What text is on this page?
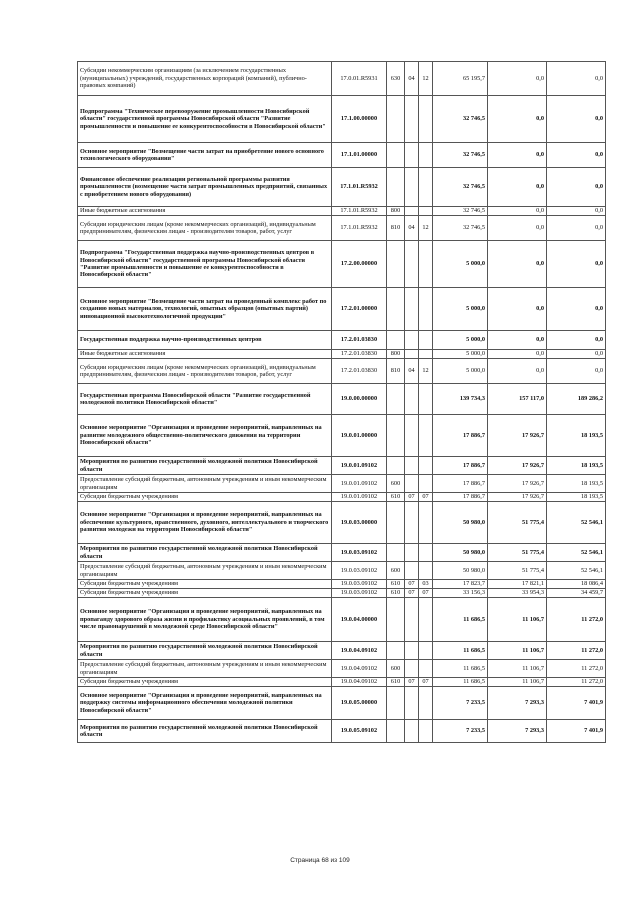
Субсидии некоммерческим организациям (за исключением государственных (муниципальных) учреждений, государственных корпораций (компаний), публично-правовых компаний)	17.0.01.R5931	630	04	12	65 195,7	0,0	0,0
Подпрограмма "Техническое перевооружение промышленности Новосибирской области" государственной программы Новосибирской области "Развитие промышленности и повышение ее конкурентоспособности в Новосибирской области"	17.1.00.00000				32 746,5	0,0	0,0
Основное мероприятие "Возмещение части затрат на приобретение нового основного технологического оборудования"	17.1.01.00000				32 746,5	0,0	0,0
Финансовое обеспечение реализации региональной программы развития промышленности (возмещение части затрат промышленных предприятий, связанных с приобретением нового оборудования)	17.1.01.R5932				32 746,5	0,0	0,0
Иные бюджетные ассигнования	17.1.01.R5932	800			32 746,5	0,0	0,0
Субсидии юридическим лицам (кроме некоммерческих организаций), индивидуальным предпринимателям, физическим лицам - производителям товаров, работ, услуг	17.1.01.R5932	810	04	12	32 746,5	0,0	0,0
Подпрограмма "Государственная поддержка научно-производственных центров в Новосибирской области" государственной программы Новосибирской области "Развитие промышленности и повышение ее конкурентоспособности в Новосибирской области"	17.2.00.00000				5 000,0	0,0	0,0
Основное мероприятие "Возмещение части затрат на проведенный комплекс работ по созданию новых материалов, технологий, опытных образцов (опытных партий) инновационной высокотехнологичной продукции"	17.2.01.00000				5 000,0	0,0	0,0
Государственная поддержка научно-производственных центров	17.2.01.03830				5 000,0	0,0	0,0
Иные бюджетные ассигнования	17.2.01.03830	800			5 000,0	0,0	0,0
Субсидии юридическим лицам (кроме некоммерческих организаций), индивидуальным предпринимателям, физическим лицам - производителям товаров, работ, услуг	17.2.01.03830	810	04	12	5 000,0	0,0	0,0
Государственная программа Новосибирской области "Развитие государственной молодежной политики Новосибирской области"	19.0.00.00000				139 734,3	157 117,0	189 286,2
Основное мероприятие "Организация и проведение мероприятий, направленных на развитие молодежного общественно-политического движения на территории Новосибирской области"	19.0.01.00000				17 886,7	17 926,7	18 193,5
Мероприятия по развитию государственной молодежной политики Новосибирской области	19.0.01.09102				17 886,7	17 926,7	18 193,5
Предоставление субсидий бюджетным, автономным учреждениям и иным некоммерческим организациям	19.0.01.09102	600			17 886,7	17 926,7	18 193,5
Субсидии бюджетным учреждениям	19.0.01.09102	610	07	07	17 886,7	17 926,7	18 193,5
Основное мероприятие "Организация и проведение мероприятий, направленных на обеспечение культурного, нравственного, духовного, интеллектуального и творческого развития молодежи на территории Новосибирской области"	19.0.03.00000				50 980,0	51 775,4	52 546,1
Мероприятия по развитию государственной молодежной политики Новосибирской области	19.0.03.09102				50 980,0	51 775,4	52 546,1
Предоставление субсидий бюджетным, автономным учреждениям и иным некоммерческим организациям	19.0.03.09102	600			50 980,0	51 775,4	52 546,1
Субсидии бюджетным учреждениям	19.0.03.09102	610	07	03	17 823,7	17 821,1	18 086,4
Субсидии бюджетным учреждениям	19.0.03.09102	610	07	07	33 156,3	33 954,3	34 459,7
Основное мероприятие "Организация и проведение мероприятий, направленных на пропаганду здорового образа жизни и профилактику асоциальных проявлений, в том числе правонарушений в молодежной среде Новосибирской области"	19.0.04.00000				11 686,5	11 106,7	11 272,0
Мероприятия по развитию государственной молодежной политики Новосибирской области	19.0.04.09102				11 686,5	11 106,7	11 272,0
Предоставление субсидий бюджетным, автономным учреждениям и иным некоммерческим организациям	19.0.04.09102	600			11 686,5	11 106,7	11 272,0
Субсидии бюджетным учреждениям	19.0.04.09102	610	07	07	11 686,5	11 106,7	11 272,0
Основное мероприятие "Организация и проведение мероприятий, направленных на поддержку системы информационного обеспечения молодежной политики Новосибирской области"	19.0.05.00000				7 233,5	7 293,3	7 401,9
Мероприятия по развитию государственной молодежной политики Новосибирской области	19.0.05.09102				7 233,5	7 293,3	7 401,9
Страница 68 из 109
